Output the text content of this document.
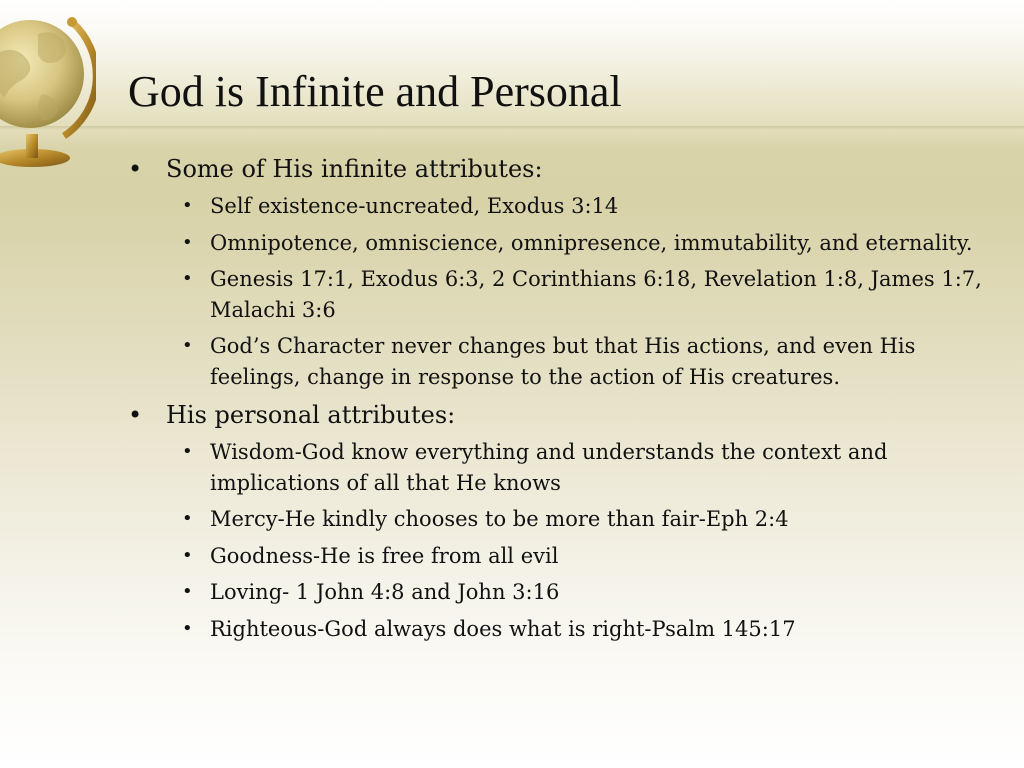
God is Infinite and Personal
• Some of His infinite attributes:
• Self existence-uncreated, Exodus 3:14
• Omnipotence, omniscience, omnipresence, immutability, and eternality.
• Genesis 17:1, Exodus 6:3, 2 Corinthians 6:18, Revelation 1:8, James 1:7, Malachi 3:6
• God’s Character never changes but that His actions, and even His feelings, change in response to the action of His creatures.
• His personal attributes:
• Wisdom-God know everything and understands the context and implications of all that He knows
• Mercy-He kindly chooses to be more than fair-Eph 2:4
• Goodness-He is free from all evil
• Loving- 1 John 4:8 and John 3:16
• Righteous-God always does what is right-Psalm 145:17
